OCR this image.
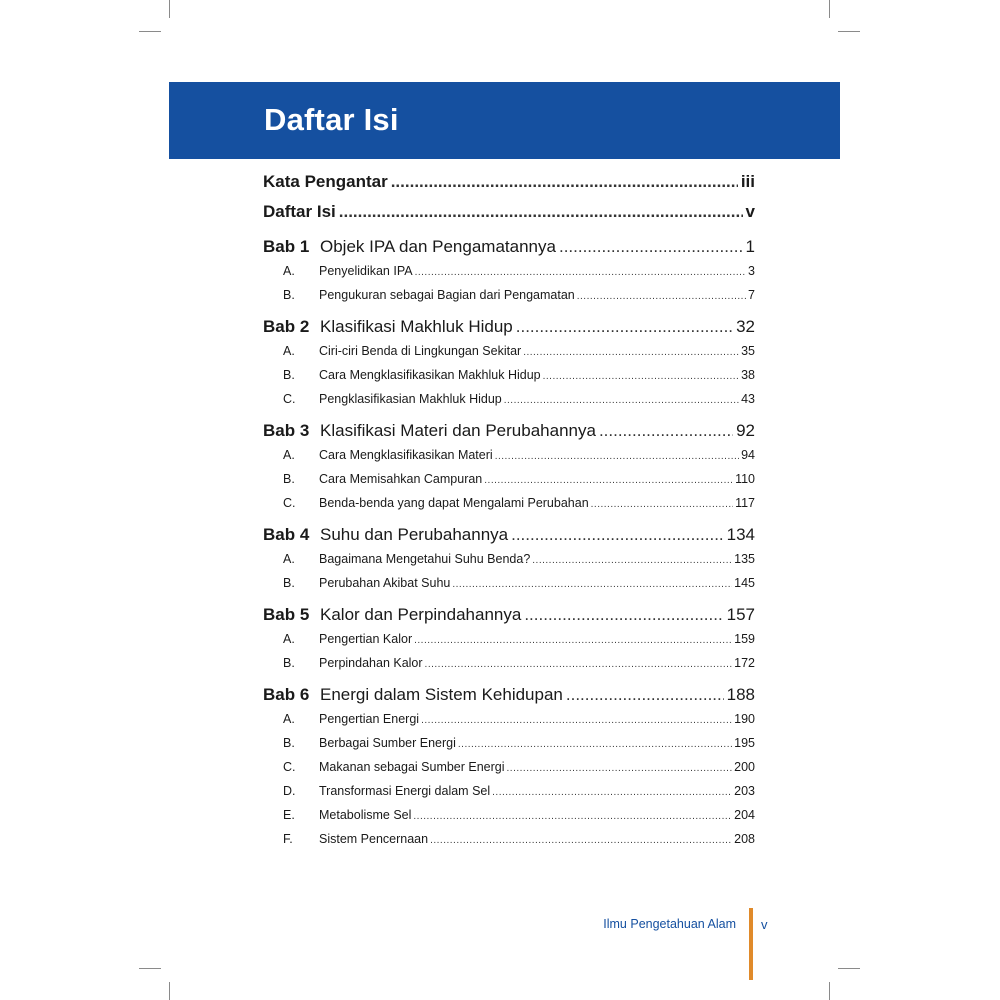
Daftar Isi
Kata Pengantar .....	iii
Daftar Isi .....	v
Bab 1 Objek IPA dan Pengamatannya .....	1
A.	Penyelidikan IPA .....	3
B.	Pengukuran sebagai Bagian dari Pengamatan .....	7
Bab 2 Klasifikasi Makhluk Hidup .....	32
A.	Ciri-ciri Benda di Lingkungan Sekitar .....	35
B.	Cara Mengklasifikasikan Makhluk Hidup .....	38
C.	Pengklasifikasian Makhluk Hidup .....	43
Bab 3 Klasifikasi Materi dan Perubahannya .....	92
A.	Cara Mengklasifikasikan Materi .....	94
B.	Cara Memisahkan Campuran .....	110
C.	Benda-benda yang dapat Mengalami Perubahan .....	117
Bab 4 Suhu dan Perubahannya .....	134
A.	Bagaimana Mengetahui Suhu Benda? .....	135
B.	Perubahan Akibat Suhu .....	145
Bab 5 Kalor dan Perpindahannya .....	157
A.	Pengertian Kalor .....	159
B.	Perpindahan Kalor .....	172
Bab 6 Energi dalam Sistem Kehidupan .....	188
A.	Pengertian Energi .....	190
B.	Berbagai Sumber Energi .....	195
C.	Makanan sebagai Sumber Energi .....	200
D.	Transformasi Energi dalam Sel .....	203
E.	Metabolisme Sel .....	204
F.	Sistem Pencernaan .....	208
Ilmu Pengetahuan Alam v
